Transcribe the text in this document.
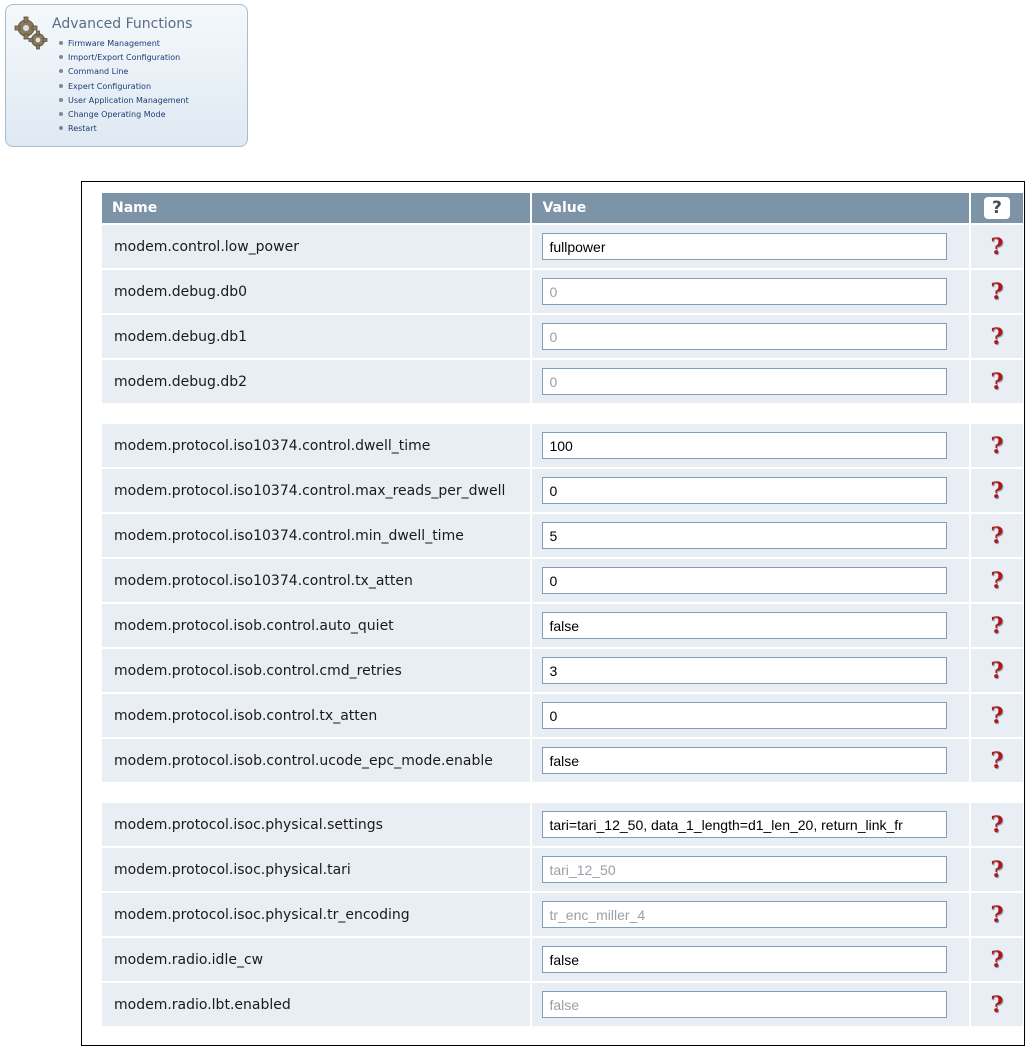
Advanced Functions
Firmware Management
Import/Export Configuration
Command Line
Expert Configuration
User Application Management
Change Operating Mode
Restart
Name	Value	?
modem.control.low_power	fullpower	?
modem.debug.db0	0	?
modem.debug.db1	0	?
modem.debug.db2	0	?

modem.protocol.iso10374.control.dwell_time	100	?
modem.protocol.iso10374.control.max_reads_per_dwell	0	?
modem.protocol.iso10374.control.min_dwell_time	5	?
modem.protocol.iso10374.control.tx_atten	0	?
modem.protocol.isob.control.auto_quiet	false	?
modem.protocol.isob.control.cmd_retries	3	?
modem.protocol.isob.control.tx_atten	0	?
modem.protocol.isob.control.ucode_epc_mode.enable	false	?

modem.protocol.isoc.physical.settings	tari=tari_12_50, data_1_length=d1_len_20, return_link_fr	?
modem.protocol.isoc.physical.tari	tari_12_50	?
modem.protocol.isoc.physical.tr_encoding	tr_enc_miller_4	?
modem.radio.idle_cw	false	?
modem.radio.lbt.enabled	false	?
